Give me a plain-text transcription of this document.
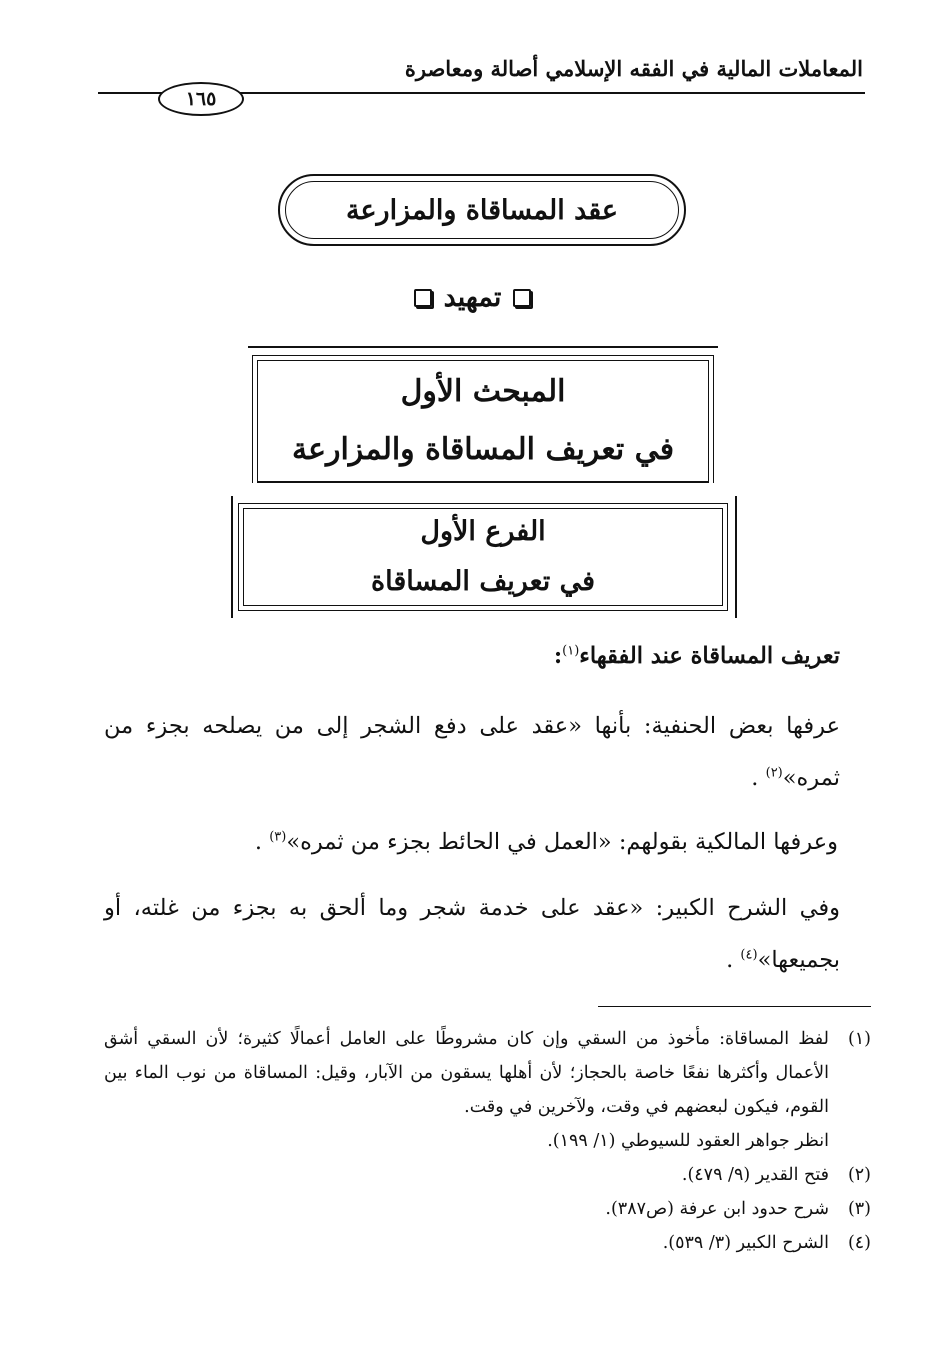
المعاملات المالية في الفقه الإسلامي أصالة ومعاصرة
١٦٥
عقد المساقاة والمزارعة
تمهيد
المبحث الأول
في تعريف المساقاة والمزارعة
الفرع الأول
في تعريف المساقاة
تعريف المساقاة عند الفقهاء$^{(١)}$:
عرفها بعض الحنفية: بأنها «عقد على دفع الشجر إلى من يصلحه بجزء من ثمره»$^{(٢)}$ .
وعرفها المالكية بقولهم: «العمل في الحائط بجزء من ثمره»$^{(٣)}$ .
وفي الشرح الكبير: «عقد على خدمة شجر وما ألحق به بجزء من غلته، أو بجميعها»$^{(٤)}$ .
(١)
لفظ المساقاة: مأخوذ من السقي وإن كان مشروطًا على العامل أعمالًا كثيرة؛ لأن السقي أشق الأعمال وأكثرها نفعًا خاصة بالحجاز؛ لأن أهلها يسقون من الآبار، وقيل: المساقاة من نوب الماء بين القوم، فيكون لبعضهم في وقت، ولآخرين في وقت.
انظر جواهر العقود للسيوطي (١/ ١٩٩).
(٢)
فتح القدير (٩/ ٤٧٩).
(٣)
شرح حدود ابن عرفة (ص٣٨٧).
(٤)
الشرح الكبير (٣/ ٥٣٩).
